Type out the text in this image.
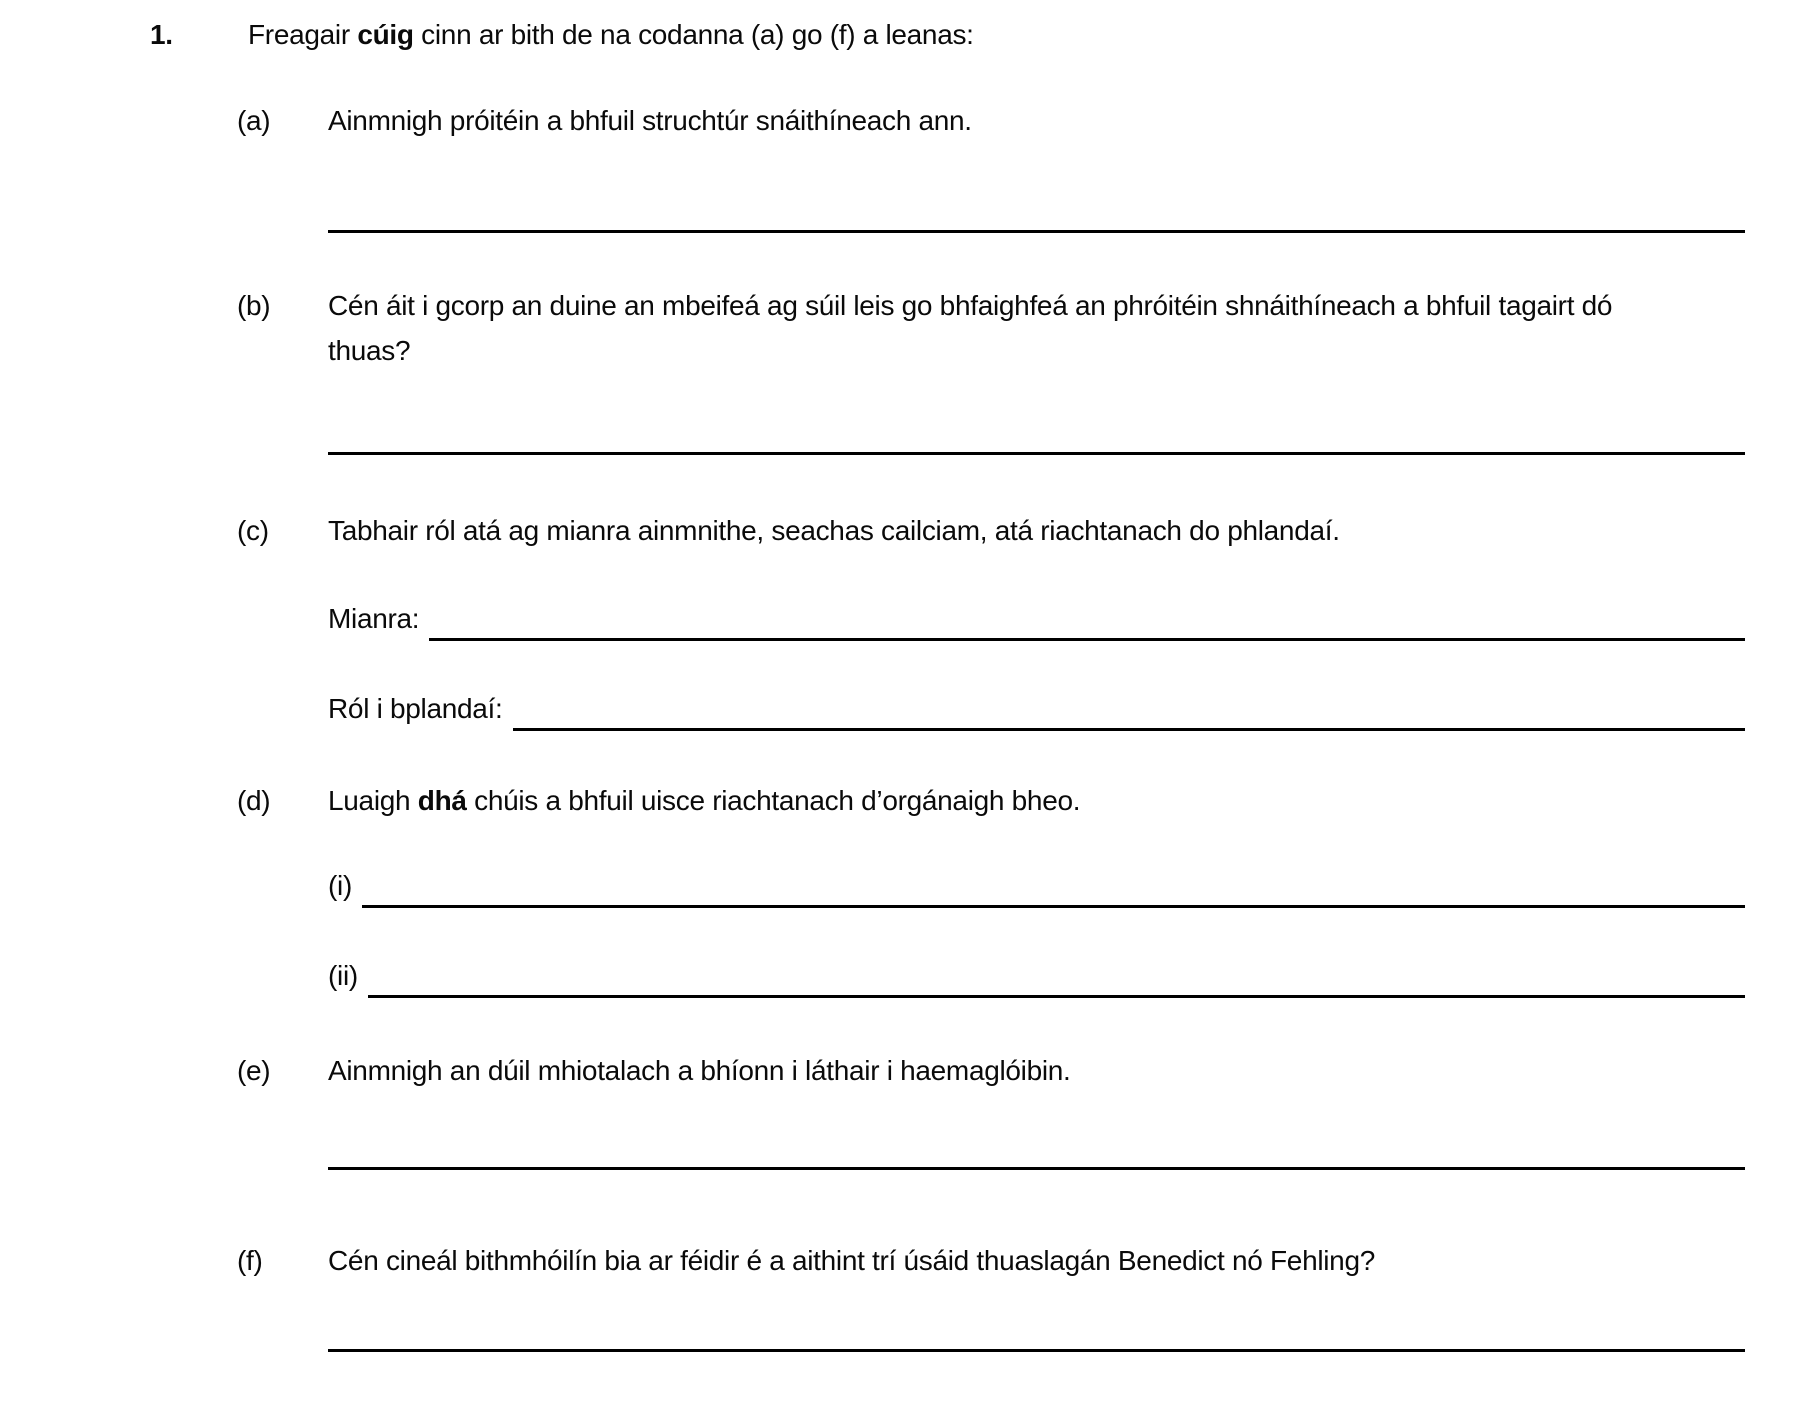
1.	Freagair cúig cinn ar bith de na codanna (a) go (f) a leanas:

(a)	Ainmnigh próitéin a bhfuil struchtúr snáithíneach ann.

(b)	Cén áit i gcorp an duine an mbeifeá ag súil leis go bhfaighfeá an phróitéin shnáithíneach a bhfuil tagairt dó thuas?

(c)	Tabhair ról atá ag mianra ainmnithe, seachas cailciam, atá riachtanach do phlandaí.

Mianra:
Ról i bplandaí:
(d)	Luaigh dhá chúis a bhfuil uisce riachtanach d’orgánaigh bheo.

(i)
(ii)
(e)	Ainmnigh an dúil mhiotalach a bhíonn i láthair i haemaglóibin.

(f)	Cén cineál bithmhóilín bia ar féidir é a aithint trí úsáid thuaslagán Benedict nó Fehling?
